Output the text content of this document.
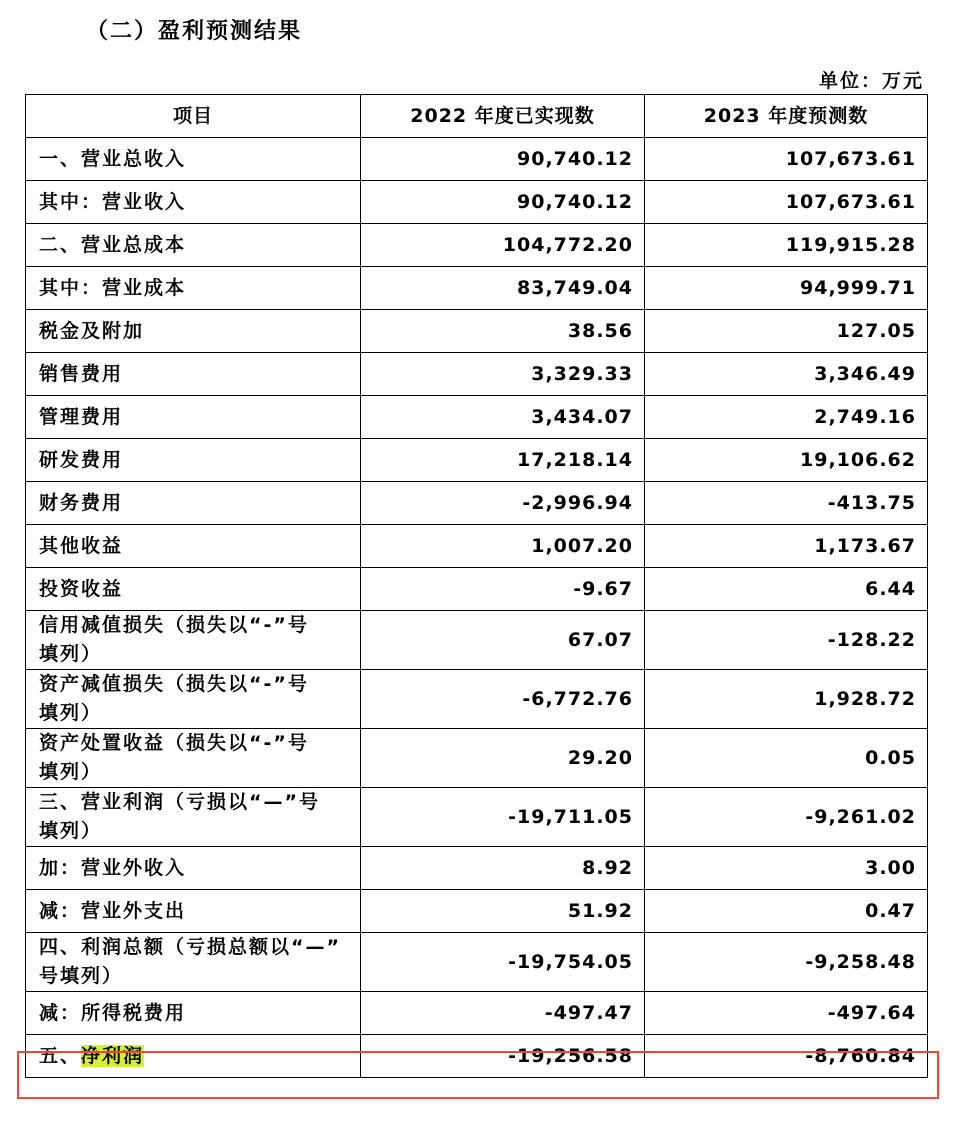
（二）盈利预测结果
单位：万元
项目	2022 年度已实现数	2023 年度预测数
一、营业总收入	90,740.12	107,673.61
其中：营业收入	90,740.12	107,673.61
二、营业总成本	104,772.20	119,915.28
其中：营业成本	83,749.04	94,999.71
税金及附加	38.56	127.05
销售费用	3,329.33	3,346.49
管理费用	3,434.07	2,749.16
研发费用	17,218.14	19,106.62
财务费用	-2,996.94	-413.75
其他收益	1,007.20	1,173.67
投资收益	-9.67	6.44

信用减值损失（损失以“-”号
填列）	67.07	-128.22

资产减值损失（损失以“-”号
填列）	-6,772.76	1,928.72

资产处置收益（损失以“-”号
填列）	29.20	0.05

三、营业利润（亏损以“—”号
填列）	-19,711.05	-9,261.02
加：营业外收入	8.92	3.00
减：营业外支出	51.92	0.47

四、利润总额（亏损总额以“—”
号填列）	-19,754.05	-9,258.48
减：所得税费用	-497.47	-497.64
五、净利润	-19,256.58	-8,760.84
